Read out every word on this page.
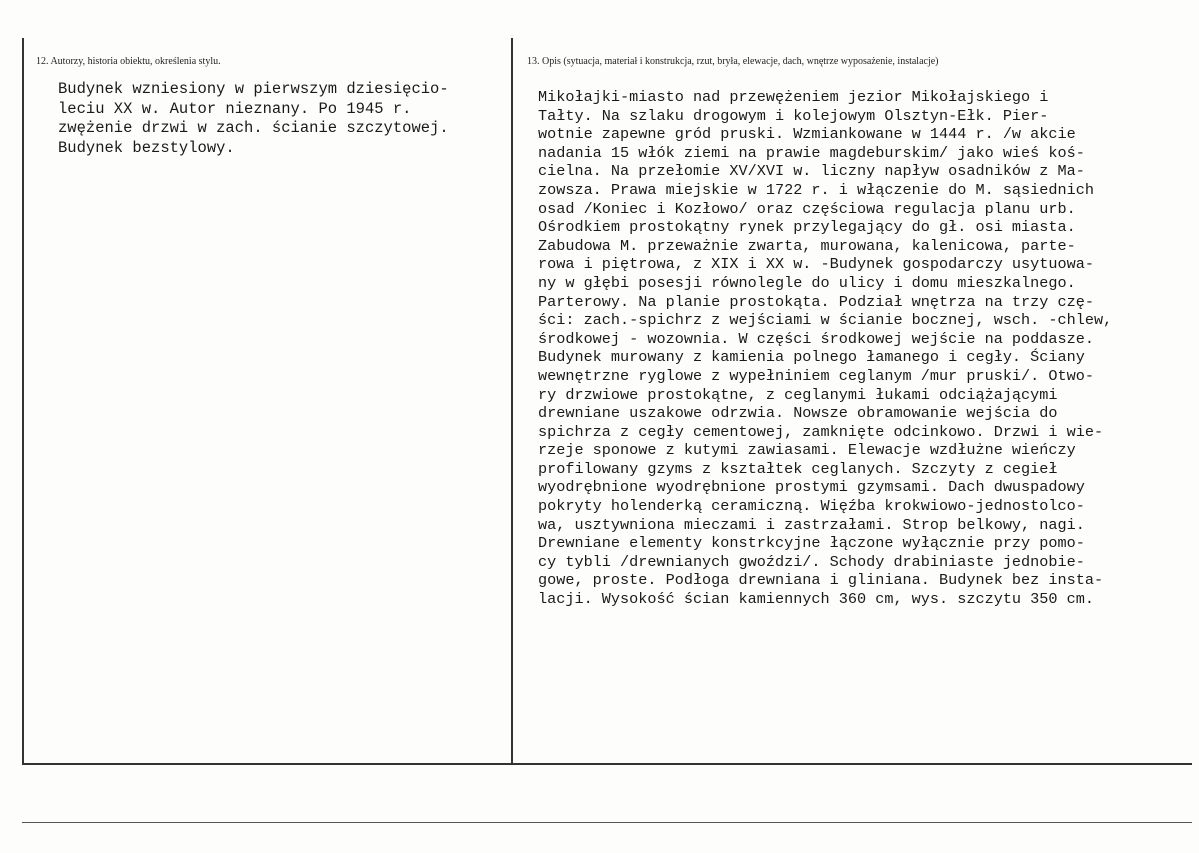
12. Autorzy, historia obiektu, określenia stylu.	13. Opis (sytuacja, materiał i konstrukcja, rzut, bryła, elewacje, dach, wnętrze wyposażenie, instalacje)
Budynek wzniesiony w pierwszym dziesięcio-
leciu XX w. Autor nieznany. Po 1945 r.
zwężenie drzwi w zach. ścianie szczytowej.
Budynek bezstylowy.
Mikołajki-miasto nad przewężeniem jezior Mikołajskiego i
Tałty. Na szlaku drogowym i kolejowym Olsztyn-Ełk. Pier-
wotnie zapewne gród pruski. Wzmiankowane w 1444 r. /w akcie
nadania 15 włók ziemi na prawie magdeburskim/ jako wieś koś-
cielna. Na przełomie XV/XVI w. liczny napływ osadników z Ma-
zowsza. Prawa miejskie w 1722 r. i włączenie do M. sąsiednich
osad /Koniec i Kozłowo/ oraz częściowa regulacja planu urb.
Ośrodkiem prostokątny rynek przylegający do gł. osi miasta.
Zabudowa M. przeważnie zwarta, murowana, kalenicowa, parte-
rowa i piętrowa, z XIX i XX w. -Budynek gospodarczy usytuowa-
ny w głębi posesji równolegle do ulicy i domu mieszkalnego.
Parterowy. Na planie prostokąta. Podział wnętrza na trzy czę-
ści: zach.-spichrz z wejściami w ścianie bocznej, wsch. -chlew,
środkowej - wozownia. W części środkowej wejście na poddasze.
Budynek murowany z kamienia polnego łamanego i cegły. Ściany
wewnętrzne ryglowe z wypełniniem ceglanym /mur pruski/. Otwo-
ry drzwiowe prostokątne, z ceglanymi łukami odciążającymi
drewniane uszakowe odrzwia. Nowsze obramowanie wejścia do
spichrza z cegły cementowej, zamknięte odcinkowo. Drzwi i wie-
rzeje sponowe z kutymi zawiasami. Elewacje wzdłużne wieńczy
profilowany gzyms z kształtek ceglanych. Szczyty z cegieł
wyodrębnione wyodrębnione prostymi gzymsami. Dach dwuspadowy
pokryty holenderką ceramiczną. Więźba krokwiowo-jednostolco-
wa, usztywniona mieczami i zastrzałami. Strop belkowy, nagi.
Drewniane elementy konstrkcyjne łączone wyłącznie przy pomo-
cy tybli /drewnianych gwoździ/. Schody drabiniaste jednobie-
gowe, proste. Podłoga drewniana i gliniana. Budynek bez insta-
lacji. Wysokość ścian kamiennych 360 cm, wys. szczytu 350 cm.
